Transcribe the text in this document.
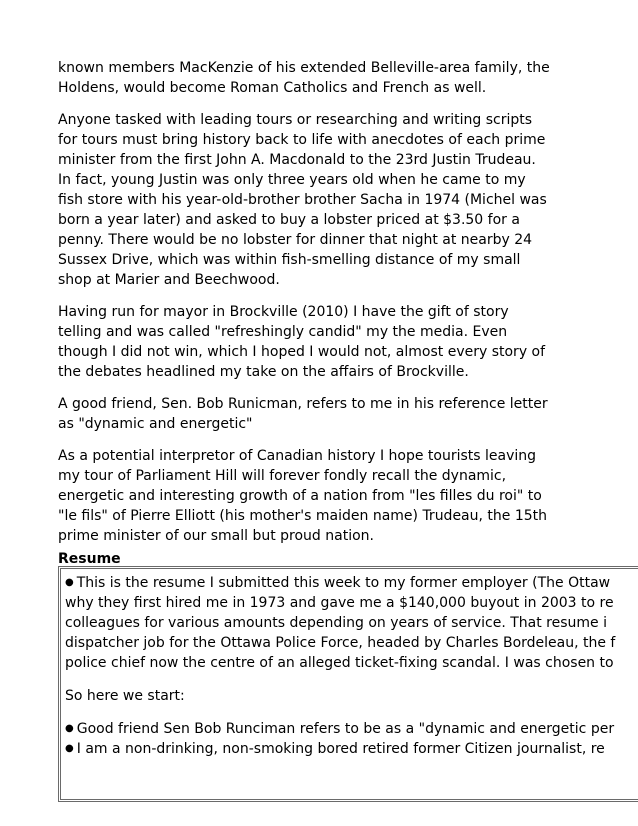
known members MacKenzie of his extended Belleville-area family, the
Holdens, would become Roman Catholics and French as well.
Anyone tasked with leading tours or researching and writing scripts
for tours must bring history back to life with anecdotes of each prime
minister from the first John A. Macdonald to the 23rd Justin Trudeau.
In fact, young Justin was only three years old when he came to my
fish store with his year-old-brother brother Sacha in 1974 (Michel was
born a year later) and asked to buy a lobster priced at $3.50 for a
penny. There would be no lobster for dinner that night at nearby 24
Sussex Drive, which was within fish-smelling distance of my small
shop at Marier and Beechwood.
Having run for mayor in Brockville (2010) I have the gift of story
telling and was called "refreshingly candid" my the media. Even
though I did not win, which I hoped I would not, almost every story of
the debates headlined my take on the affairs of Brockville.
A good friend, Sen. Bob Runicman, refers to me in his reference letter
as "dynamic and energetic"
As a potential interpretor of Canadian history I hope tourists leaving
my tour of Parliament Hill will forever fondly recall the dynamic,
energetic and interesting growth of a nation from "les filles du roi" to
"le fils" of Pierre Elliott (his mother's maiden name) Trudeau, the 15th
prime minister of our small but proud nation.
Resume
● This is the resume I submitted this week to my former employer (The Ottaw
why they first hired me in 1973 and gave me a $140,000 buyout in 2003 to re
colleagues for various amounts depending on years of service. That resume i
dispatcher job for the Ottawa Police Force, headed by Charles Bordeleau, the f
police chief now the centre of an alleged ticket-fixing scandal. I was chosen to
So here we start:
● Good friend Sen Bob Runciman refers to be as a "dynamic and energetic per
● I am a non-drinking, non-smoking bored retired former Citizen journalist, re
